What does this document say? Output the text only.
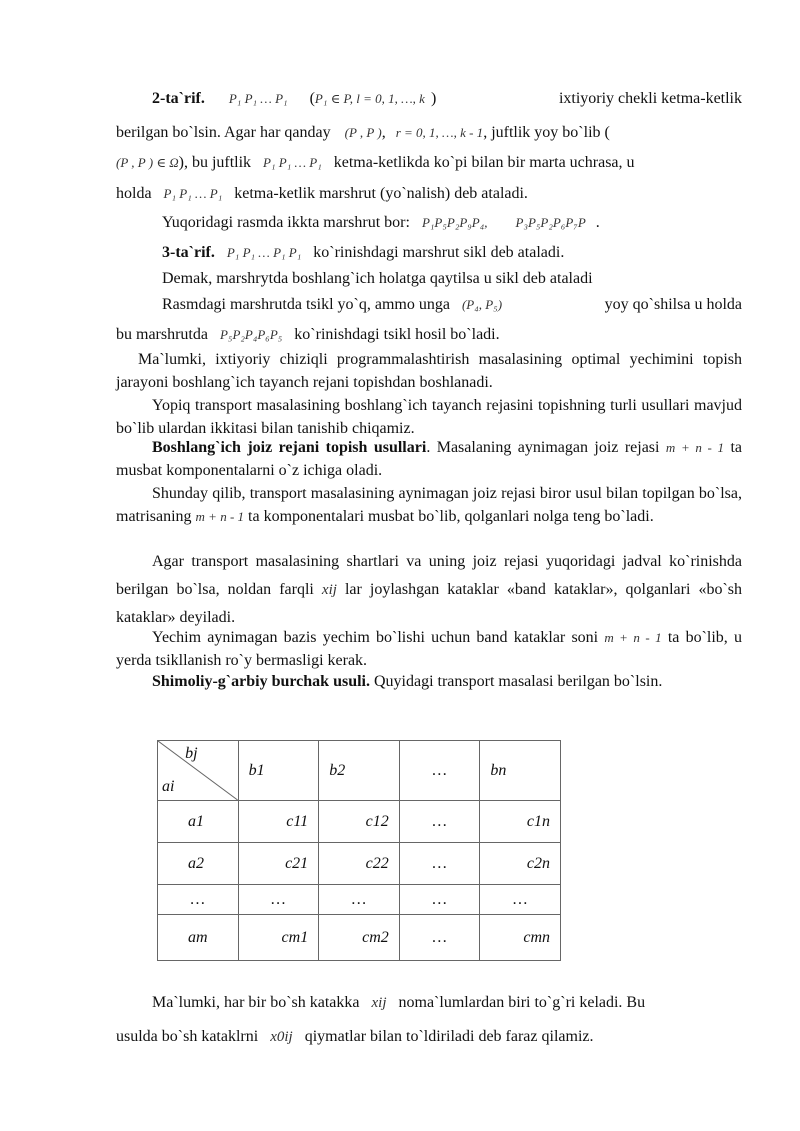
2-ta`rif. P₁ P₁ … P₁ (P₁ ∈ P, l = 0, 1, …, k )	ixtiyoriy chekli ketma-ketlik
berilgan bo`lsin. Agar har qanday (P , P ), r = 0, 1, …, k - 1, juftlik yoy bo`lib (
(P , P ) ∈ Ω), bu juftlik P₁ P₁ … P₁ ketma-ketlikda ko`pi bilan bir marta uchrasa, u
holda P₁ P₁ … P₁ ketma-ketlik marshrut (yo`nalish) deb ataladi.
Yuqoridagi rasmda ikkta marshrut bor: P₁P₅P₂P₉P₄, P₃P₅P₂P₆P₇P .
3-ta`rif. P₁ P₁ … P₁ P₁ ko`rinishdagi marshrut sikl deb ataladi.
Demak, marshrytda boshlang`ich holatga qaytilsa u sikl deb ataladi
Rasmdagi marshrutda tsikl yo`q, ammo unga (P₄, P₅)	yoy qo`shilsa u holda
bu marshrutda P₅P₂P₄P₆P₅ ko`rinishdagi tsikl hosil bo`ladi.
Ma`lumki, ixtiyoriy chiziqli programmalashtirish masalasining optimal yechimini topish jarayoni boshlang`ich tayanch rejani topishdan boshlanadi.
Yopiq transport masalasining boshlang`ich tayanch rejasini topishning turli usullari mavjud bo`lib ulardan ikkitasi bilan tanishib chiqamiz.
Boshlang`ich joiz rejani topish usullari. Masalaning aynimagan joiz rejasi m + n - 1 ta musbat komponentalarni o`z ichiga oladi.
Shunday qilib, transport masalasining aynimagan joiz rejasi biror usul bilan topilgan bo`lsa, matrisaning m + n - 1 ta komponentalari musbat bo`lib, qolganlari nolga teng bo`ladi.
Agar transport masalasining shartlari va uning joiz rejasi yuqoridagi jadval ko`rinishda berilgan bo`lsa, noldan farqli xij lar joylashgan kataklar «band kataklar», qolganlari «bo`sh kataklar» deyiladi.
Yechim aynimagan bazis yechim bo`lishi uchun band kataklar soni m + n - 1 ta bo`lib, u yerda tsikllanish ro`y bermasligi kerak.
Shimoliy-g`arbiy burchak usuli. Quyidagi transport masalasi berilgan bo`lsin.
bj
ai	b1	b2	…	bn
a1	c11	c12	…	c1n
a2	c21	c22	…	c2n
…	…	…	…	…
am	cm1	cm2	…	cmn
Ma`lumki, har bir bo`sh katakka xij noma`lumlardan biri to`g`ri keladi. Bu
usulda bo`sh kataklrni x0ij qiymatlar bilan to`ldiriladi deb faraz qilamiz.
